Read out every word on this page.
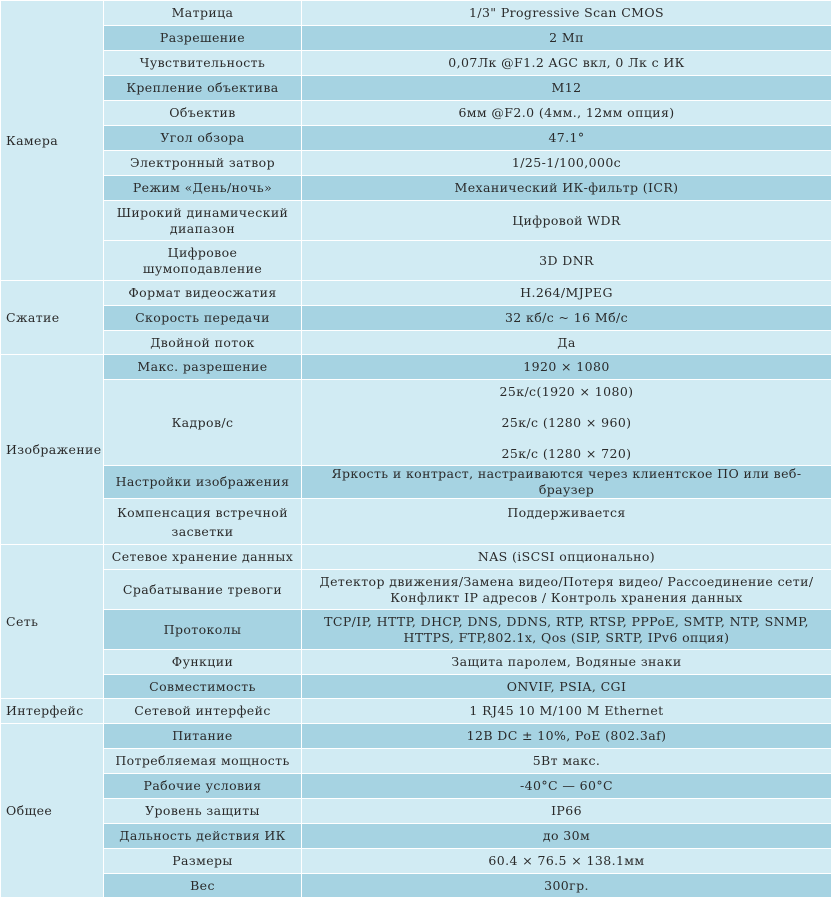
Камера	Матрица	1/3" Progressive Scan CMOS
	Разрешение	2 Мп
	Чувствительность	0,07Лк @F1.2 AGC вкл, 0 Лк с ИК
	Крепление объектива	M12
	Объектив	6мм @F2.0 (4мм., 12мм опция)
	Угол обзора	47.1°
	Электронный затвор	1/25-1/100,000с
	Режим «День/ночь»	Механический ИК-фильтр (ICR)
	Широкий динамический диапазон	Цифровой WDR
	Цифровое шумоподавление	3D DNR
Сжатие	Формат видеосжатия	H.264/MJPEG
	Скорость передачи	32 кб/с ~ 16 Мб/с
	Двойной поток	Да
Изображение	Макс. разрешение	1920 × 1080
	Кадров/с	25к/с(1920 × 1080)
25к/с (1280 × 960)
25к/с (1280 × 720)

	Настройки изображения	Яркость и контраст, настраиваются через клиентское ПО или веб-браузер
	Компенсация встречной засветки	Поддерживается
Сеть	Сетевое хранение данных	NAS (iSCSI опционально)
	Срабатывание тревоги	Детектор движения/Замена видео/Потеря видео/ Рассоединение сети/ Конфликт IP адресов / Контроль хранения данных
	Протоколы	TCP/IP, HTTP, DHCP, DNS, DDNS, RTP, RTSP, PPPoE, SMTP, NTP, SNMP, HTTPS, FTP,802.1x, Qos (SIP, SRTP, IPv6 опция)
	Функции	Защита паролем, Водяные знаки
	Совместимость	ONVIF, PSIA, CGI
Интерфейс	Сетевой интерфейс	1 RJ45 10 M/100 M Ethernet
Общее	Питание	12В DC ± 10%, PoE (802.3af)
	Потребляемая мощность	5Вт макс.
	Рабочие условия	-40°C — 60°C
	Уровень защиты	IP66
	Дальность действия ИК	до 30м
	Размеры	60.4 × 76.5 × 138.1мм
	Вес	300гр.
